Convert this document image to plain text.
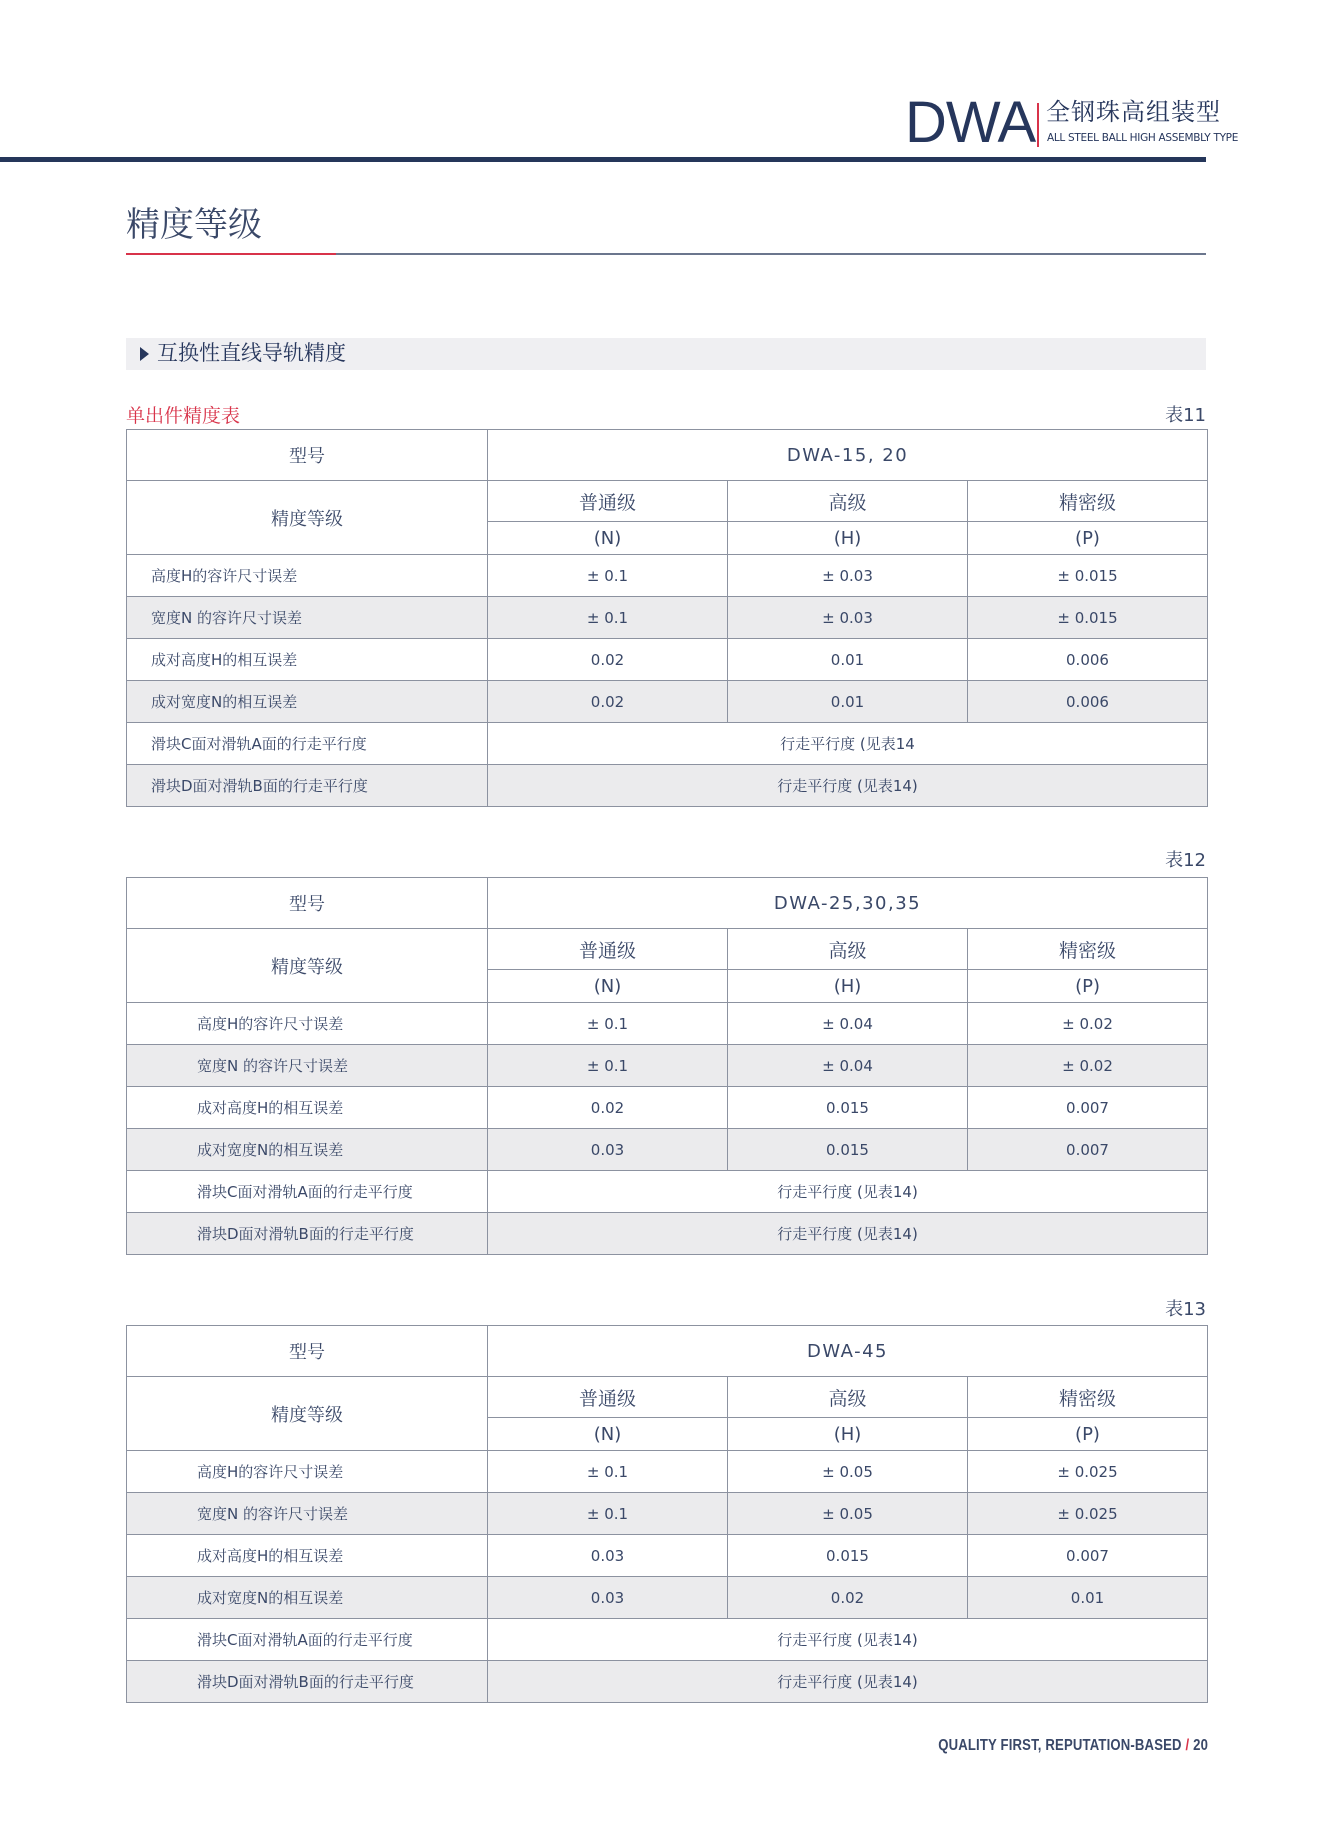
DWA 全钢珠高组装型
ALL STEEL BALL HIGH ASSEMBLY TYPE
精度等级
互换性直线导轨精度
单出件精度表	表11
型号	DWA-15, 20		
精度等级	普通级	高级	精密级
	(N)	(H)	(P)
高度H的容许尺寸误差	± 0.1	± 0.03	± 0.015
宽度N 的容许尺寸误差	± 0.1	± 0.03	± 0.015
成对高度H的相互误差	0.02	0.01	0.006
成对宽度N的相互误差	0.02	0.01	0.006
滑块C面对滑轨A面的行走平行度	行走平行度 (见表14		
滑块D面对滑轨B面的行走平行度	行走平行度 (见表14)		
表12
型号	DWA-25,30,35		
精度等级	普通级	高级	精密级
	(N)	(H)	(P)
高度H的容许尺寸误差	± 0.1	± 0.04	± 0.02
宽度N 的容许尺寸误差	± 0.1	± 0.04	± 0.02
成对高度H的相互误差	0.02	0.015	0.007
成对宽度N的相互误差	0.03	0.015	0.007
滑块C面对滑轨A面的行走平行度	行走平行度 (见表14)		
滑块D面对滑轨B面的行走平行度	行走平行度 (见表14)		
表13
型号	DWA-45		
精度等级	普通级	高级	精密级
	(N)	(H)	(P)
高度H的容许尺寸误差	± 0.1	± 0.05	± 0.025
宽度N 的容许尺寸误差	± 0.1	± 0.05	± 0.025
成对高度H的相互误差	0.03	0.015	0.007
成对宽度N的相互误差	0.03	0.02	0.01
滑块C面对滑轨A面的行走平行度	行走平行度 (见表14)		
滑块D面对滑轨B面的行走平行度	行走平行度 (见表14)		
QUALITY FIRST, REPUTATION-BASED / 20
